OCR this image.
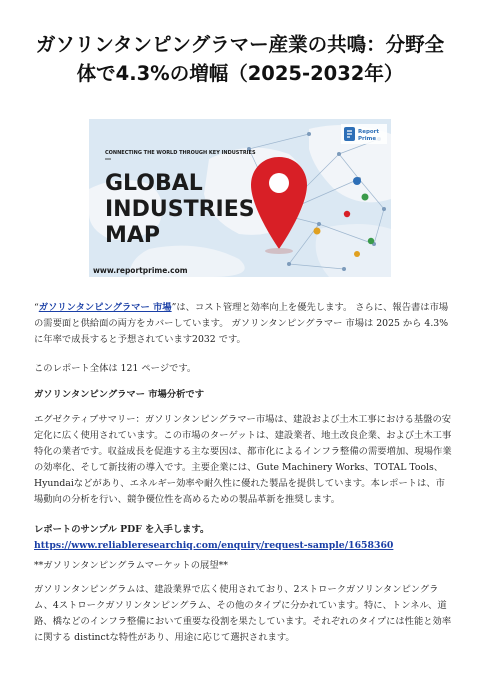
ガソリンタンピングラマー産業の共鳴：分野全体で4.3%の増幅（2025-2032年）
Report
Prime
CONNECTING THE WORLD THROUGH KEY INDUSTRIES
GLOBAL
INDUSTRIES
MAP
www.reportprime.com

“ガソリンタンピングラマー 市場”は、コスト管理と効率向上を優先します。 さらに、報告書は市場の需要面と供給面の両方をカバーしています。 ガソリンタンピングラマー 市場は 2025 から 4.3% に年率で成長すると予想されています2032 です。

このレポート全体は 121 ページです。

ガソリンタンピングラマー 市場分析です

エグゼクティブサマリー：ガソリンタンピングラマー市場は、建設および土木工事における基盤の安定化に広く使用されています。この市場のターゲットは、建設業者、地土改良企業、および土木工事特化の業者です。収益成長を促進する主な要因は、都市化によるインフラ整備の需要増加、現場作業の効率化、そして新技術の導入です。主要企業には、Gute Machinery Works、TOTAL Tools、Hyundaiなどがあり、エネルギー効率や耐久性に優れた製品を提供しています。本レポートは、市場動向の分析を行い、競争優位性を高めるための製品革新を推奨します。

レポートのサンプル PDF を入手します。  https://www.reliableresearchiq.com/enquiry/request-sample/1658360

**ガソリンタンピングラムマーケットの展望**

ガソリンタンピングラムは、建設業界で広く使用されており、2ストロークガソリンタンピングラム、4ストロークガソリンタンピングラム、その他のタイプに分かれています。特に、トンネル、道路、橋などのインフラ整備において重要な役割を果たしています。それぞれのタイプには性能と効率に関する distinctな特性があり、用途に応じて選択されます。
